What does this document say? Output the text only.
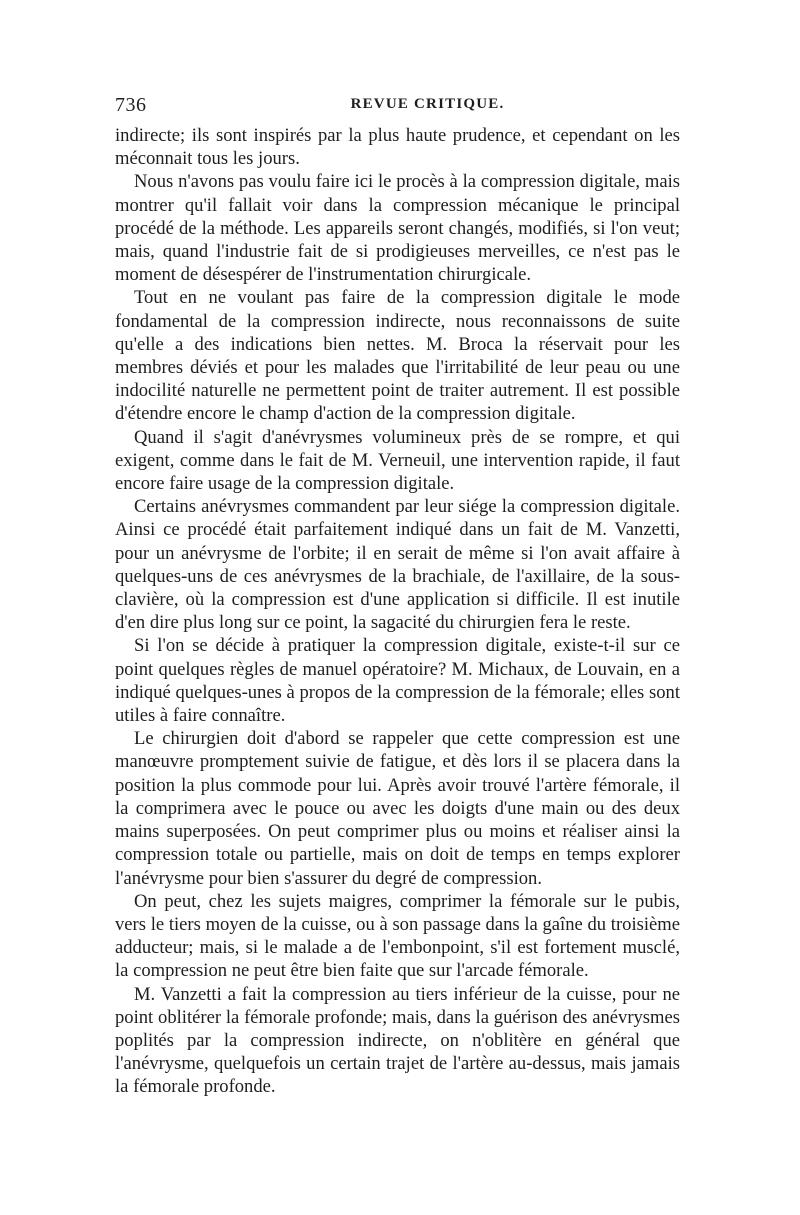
736	REVUE CRITIQUE.

indirecte; ils sont inspirés par la plus haute prudence, et cependant on les méconnait tous les jours.

Nous n'avons pas voulu faire ici le procès à la compression digitale, mais montrer qu'il fallait voir dans la compression mécanique le principal procédé de la méthode. Les appareils seront changés, modifiés, si l'on veut; mais, quand l'industrie fait de si prodigieuses merveilles, ce n'est pas le moment de désespérer de l'instrumentation chirurgicale.

Tout en ne voulant pas faire de la compression digitale le mode fondamental de la compression indirecte, nous reconnaissons de suite qu'elle a des indications bien nettes. M. Broca la réservait pour les membres déviés et pour les malades que l'irritabilité de leur peau ou une indocilité naturelle ne permettent point de traiter autrement. Il est possible d'étendre encore le champ d'action de la compression digitale.

Quand il s'agit d'anévrysmes volumineux près de se rompre, et qui exigent, comme dans le fait de M. Verneuil, une intervention rapide, il faut encore faire usage de la compression digitale.

Certains anévrysmes commandent par leur siége la compression digitale. Ainsi ce procédé était parfaitement indiqué dans un fait de M. Vanzetti, pour un anévrysme de l'orbite; il en serait de même si l'on avait affaire à quelques-uns de ces anévrysmes de la brachiale, de l'axillaire, de la sous-clavière, où la compression est d'une application si difficile. Il est inutile d'en dire plus long sur ce point, la sagacité du chirurgien fera le reste.

Si l'on se décide à pratiquer la compression digitale, existe-t-il sur ce point quelques règles de manuel opératoire? M. Michaux, de Louvain, en a indiqué quelques-unes à propos de la compression de la fémorale; elles sont utiles à faire connaître.

Le chirurgien doit d'abord se rappeler que cette compression est une manœuvre promptement suivie de fatigue, et dès lors il se placera dans la position la plus commode pour lui. Après avoir trouvé l'artère fémorale, il la comprimera avec le pouce ou avec les doigts d'une main ou des deux mains superposées. On peut comprimer plus ou moins et réaliser ainsi la compression totale ou partielle, mais on doit de temps en temps explorer l'anévrysme pour bien s'assurer du degré de compression.

On peut, chez les sujets maigres, comprimer la fémorale sur le pubis, vers le tiers moyen de la cuisse, ou à son passage dans la gaîne du troisième adducteur; mais, si le malade a de l'embonpoint, s'il est fortement musclé, la compression ne peut être bien faite que sur l'arcade fémorale.

M. Vanzetti a fait la compression au tiers inférieur de la cuisse, pour ne point oblitérer la fémorale profonde; mais, dans la guérison des anévrysmes poplités par la compression indirecte, on n'oblitère en général que l'anévrysme, quelquefois un certain trajet de l'artère au-dessus, mais jamais la fémorale profonde.
